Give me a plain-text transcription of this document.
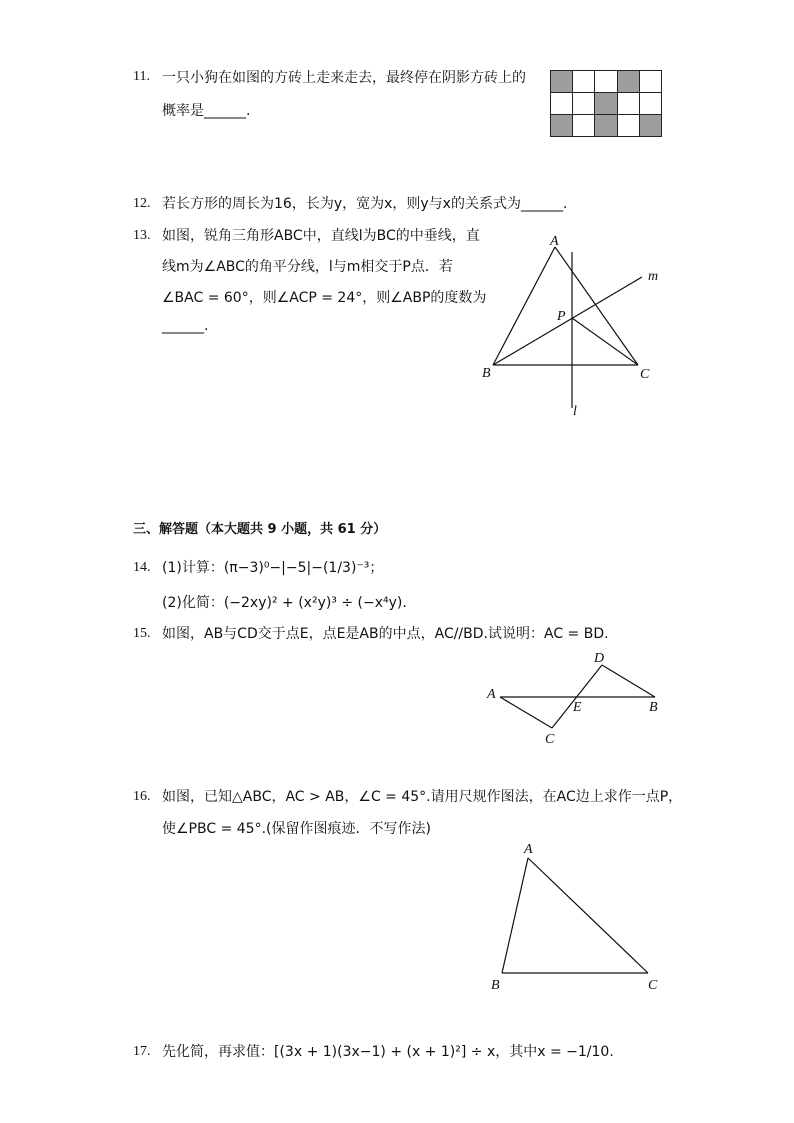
11. 一只小狗在如图的方砖上走来走去，最终停在阴影方砖上的
概率是______.
12. 若长方形的周长为16，长为y，宽为x，则y与x的关系式为______.
13. 如图，锐角三角形ABC中，直线l为BC的中垂线，直
线m为∠ABC的角平分线，l与m相交于P点．若
∠BAC = 60°，则∠ACP = 24°，则∠ABP的度数为
______.
A
B	C
P
l
m
三、解答题（本大题共 9 小题，共 61 分）
14. (1)计算：(π−3)⁰−|−5|−(1/3)⁻³；
(2)化简：(−2xy)² + (x²y)³ ÷ (−x⁴y).
15. 如图，AB与CD交于点E，点E是AB的中点，AC//BD.试说明：AC = BD.
A
B
C
D
E
16. 如图，已知△ABC，AC > AB，∠C = 45°.请用尺规作图法，在AC边上求作一点P，
使∠PBC = 45°.(保留作图痕迹．不写作法)
A
B	C
17. 先化简，再求值：[(3x + 1)(3x−1) + (x + 1)²] ÷ x，其中x = −1/10.
